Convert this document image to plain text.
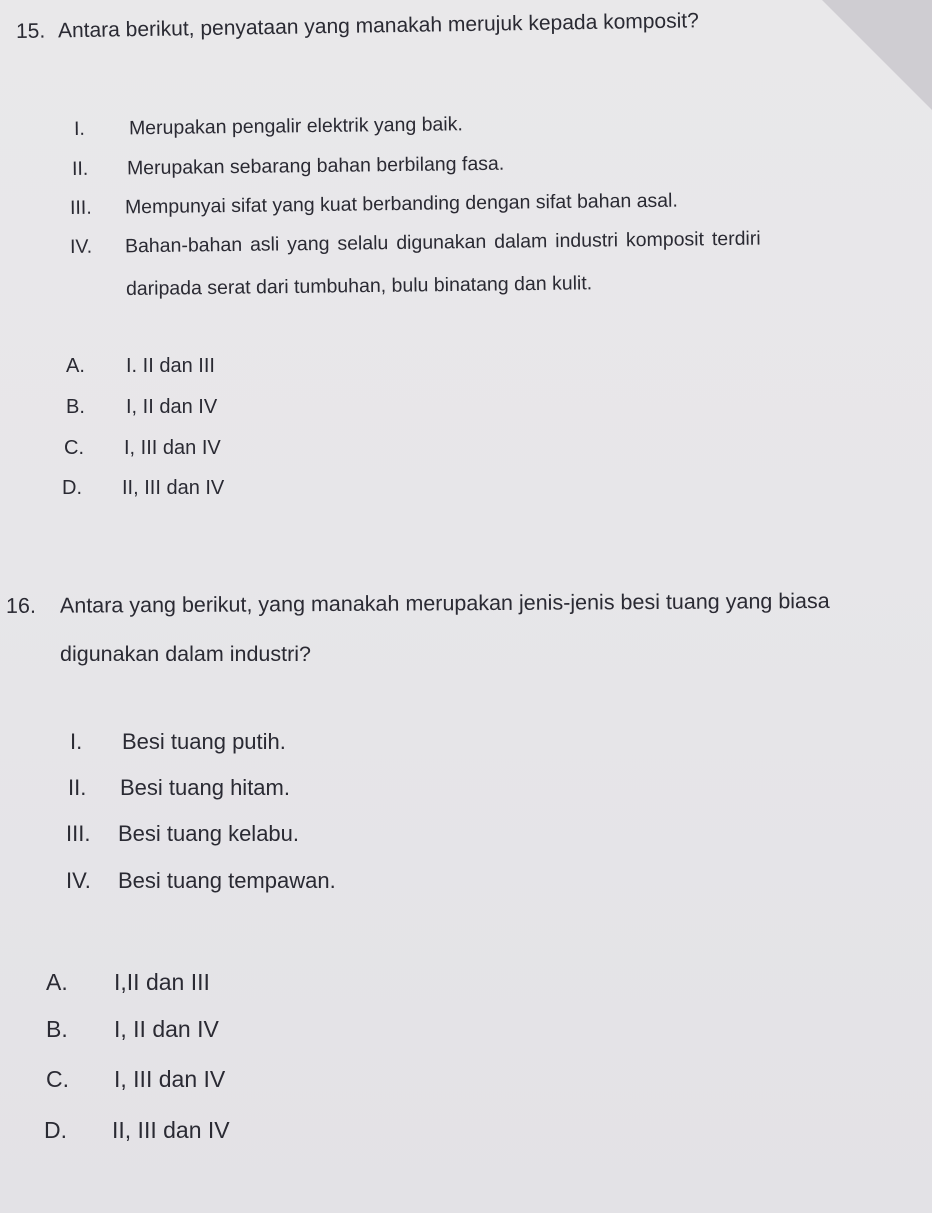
15. Antara berikut, penyataan yang manakah merujuk kepada komposit?
I. Merupakan pengalir elektrik yang baik.
II. Merupakan sebarang bahan berbilang fasa.
III. Mempunyai sifat yang kuat berbanding dengan sifat bahan asal.
IV. Bahan-bahan asli yang selalu digunakan dalam industri komposit terdiri
daripada serat dari tumbuhan, bulu binatang dan kulit.
A. I. II dan III
B. I, II dan IV
C. I, III dan IV
D. II, III dan IV
16. Antara yang berikut, yang manakah merupakan jenis-jenis besi tuang yang biasa
digunakan dalam industri?
I. Besi tuang putih.
II. Besi tuang hitam.
III. Besi tuang kelabu.
IV. Besi tuang tempawan.
A. I,II dan III
B. I, II dan IV
C. I, III dan IV
D. II, III dan IV
